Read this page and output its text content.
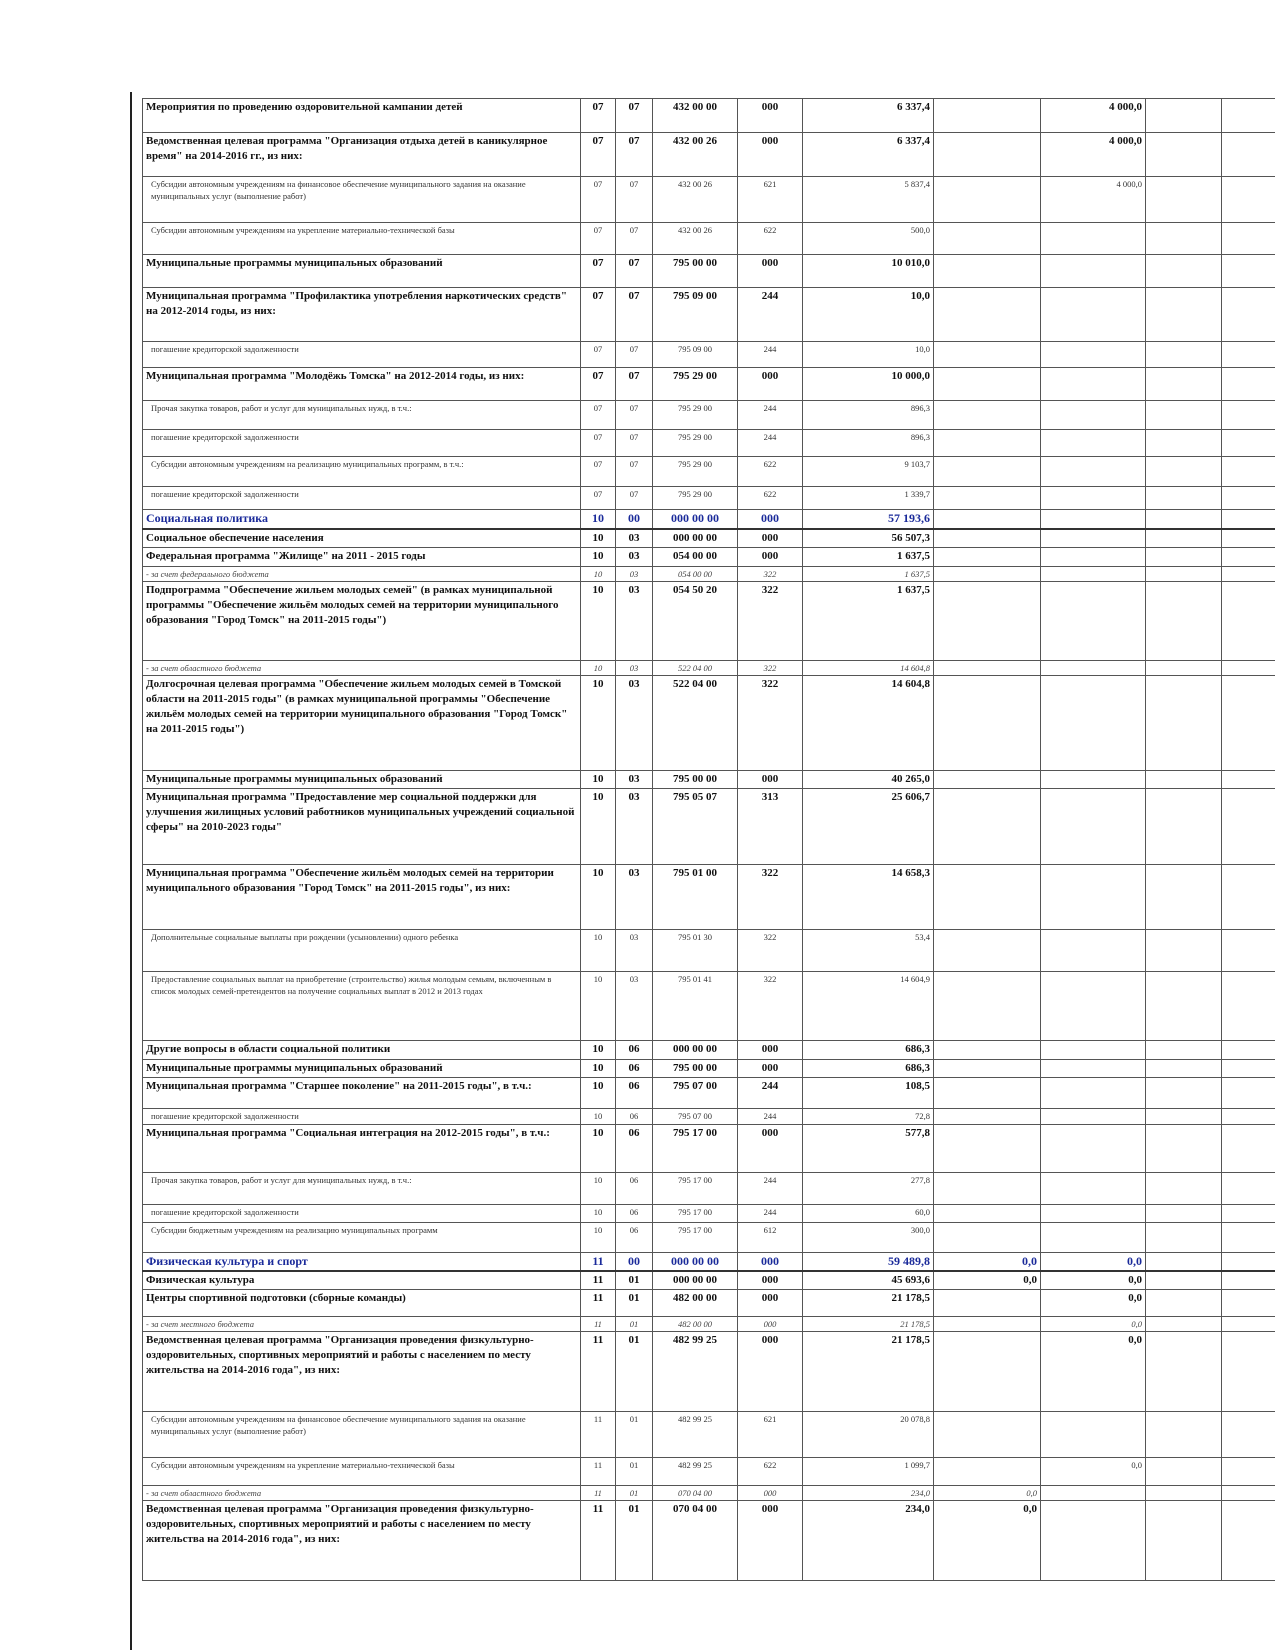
Мероприятия по проведению оздоровительной кампании детей	07	07	432 00 00	000	6 337,4		4 000,0		
Ведомственная целевая программа "Организация отдыха детей в каникулярное время" на 2014-2016 гг., из них:	07	07	432 00 26	000	6 337,4		4 000,0		
Субсидии автономным учреждениям на финансовое обеспечение муниципального задания на оказание муниципальных услуг (выполнение работ)	07	07	432 00 26	621	5 837,4		4 000,0		
Субсидии автономным учреждениям на укрепление материально-технической базы	07	07	432 00 26	622	500,0				
Муниципальные программы муниципальных образований	07	07	795 00 00	000	10 010,0				
Муниципальная программа "Профилактика употребления наркотических средств" на 2012-2014 годы, из них:	07	07	795 09 00	244	10,0				
погашение кредиторской задолженности	07	07	795 09 00	244	10,0				
Муниципальная программа "Молодёжь Томска" на 2012-2014 годы, из них:	07	07	795 29 00	000	10 000,0				
Прочая закупка товаров, работ и услуг для муниципальных нужд, в т.ч.:	07	07	795 29 00	244	896,3				
погашение кредиторской задолженности	07	07	795 29 00	244	896,3				
Субсидии автономным учреждениям на реализацию муниципальных программ, в т.ч.:	07	07	795 29 00	622	9 103,7				
погашение кредиторской задолженности	07	07	795 29 00	622	1 339,7				
Социальная политика	10	00	000 00 00	000	57 193,6				
Социальное обеспечение населения	10	03	000 00 00	000	56 507,3				
Федеральная программа "Жилище" на 2011 - 2015 годы	10	03	054 00 00	000	1 637,5				
- за счет федерального бюджета	10	03	054 00 00	322	1 637,5				
Подпрограмма "Обеспечение жильем молодых семей" (в рамках муниципальной программы "Обеспечение жильём молодых семей на территории муниципального образования "Город Томск" на 2011-2015 годы")	10	03	054 50 20	322	1 637,5				
- за счет областного бюджета	10	03	522 04 00	322	14 604,8				
Долгосрочная целевая программа "Обеспечение жильем молодых семей в Томской области на 2011-2015 годы" (в рамках муниципальной программы "Обеспечение жильём молодых семей на территории муниципального образования "Город Томск" на 2011-2015 годы")	10	03	522 04 00	322	14 604,8				
Муниципальные программы муниципальных образований	10	03	795 00 00	000	40 265,0				
Муниципальная программа "Предоставление мер социальной поддержки для улучшения жилищных условий работников муниципальных учреждений социальной сферы" на 2010-2023 годы"	10	03	795 05 07	313	25 606,7				
Муниципальная программа "Обеспечение жильём молодых семей на территории муниципального образования "Город Томск" на 2011-2015 годы", из них:	10	03	795 01 00	322	14 658,3				
Дополнительные социальные выплаты при рождении (усыновлении) одного ребенка	10	03	795 01 30	322	53,4				
Предоставление социальных выплат на приобретение (строительство) жилья молодым семьям, включенным в список молодых семей-претендентов на получение социальных выплат в 2012 и 2013 годах	10	03	795 01 41	322	14 604,9				
Другие вопросы в области социальной политики	10	06	000 00 00	000	686,3				
Муниципальные программы муниципальных образований	10	06	795 00 00	000	686,3				
Муниципальная программа "Старшее поколение" на 2011-2015 годы", в т.ч.:	10	06	795 07 00	244	108,5				
погашение кредиторской задолженности	10	06	795 07 00	244	72,8				
Муниципальная программа "Социальная интеграция на 2012-2015 годы", в т.ч.:	10	06	795 17 00	000	577,8				
Прочая закупка товаров, работ и услуг для муниципальных нужд, в т.ч.:	10	06	795 17 00	244	277,8				
погашение кредиторской задолженности	10	06	795 17 00	244	60,0				
Субсидии бюджетным учреждениям на реализацию муниципальных программ	10	06	795 17 00	612	300,0				
Физическая культура и спорт	11	00	000 00 00	000	59 489,8	0,0	0,0		
Физическая культура	11	01	000 00 00	000	45 693,6	0,0	0,0		
Центры спортивной подготовки (сборные команды)	11	01	482 00 00	000	21 178,5		0,0		
- за счет местного бюджета	11	01	482 00 00	000	21 178,5		0,0		
Ведомственная целевая программа "Организация проведения физкультурно-оздоровительных, спортивных мероприятий и работы с населением по месту жительства на 2014-2016 года", из них:	11	01	482 99 25	000	21 178,5		0,0		
Субсидии автономным учреждениям на финансовое обеспечение муниципального задания на оказание муниципальных услуг (выполнение работ)	11	01	482 99 25	621	20 078,8				
Субсидии автономным учреждениям на укрепление материально-технической базы	11	01	482 99 25	622	1 099,7		0,0		
- за счет областного бюджета	11	01	070 04 00	000	234,0	0,0			
Ведомственная целевая программа "Организация проведения физкультурно-оздоровительных, спортивных мероприятий и работы с населением по месту жительства на 2014-2016 года", из них:	11	01	070 04 00	000	234,0	0,0			
